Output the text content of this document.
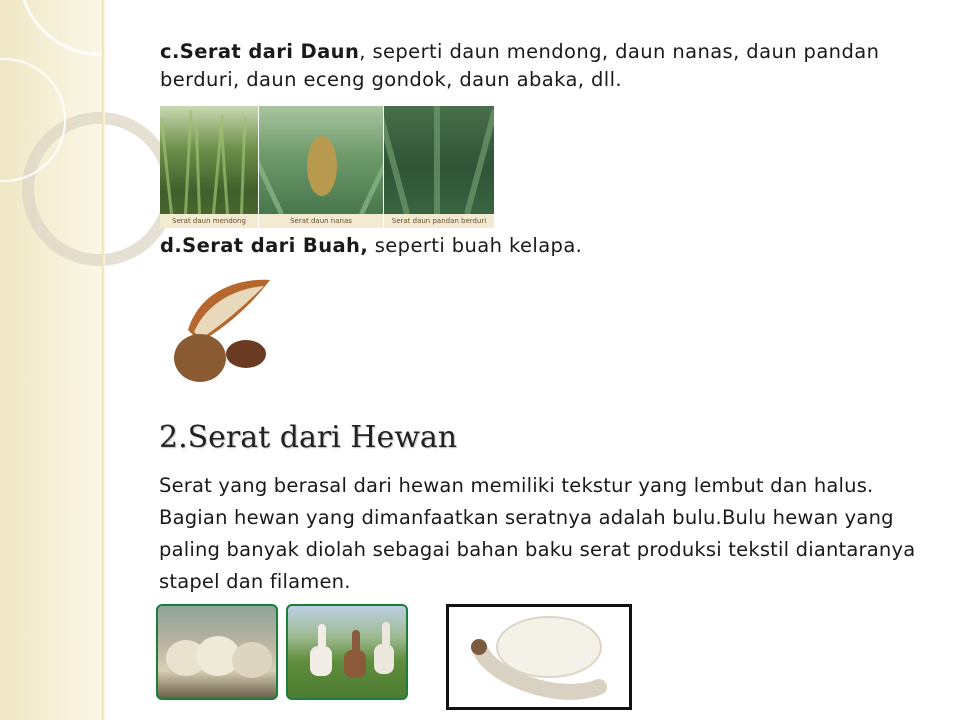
c.Serat dari Daun, seperti daun mendong, daun nanas, daun pandan berduri, daun eceng gondok, daun abaka, dll.
Serat daun mendong	Serat daun nanas	Serat daun pandan berduri
d.Serat dari Buah, seperti buah kelapa.
2.Serat dari Hewan
Serat yang berasal dari hewan memiliki tekstur yang lembut dan halus. Bagian hewan yang dimanfaatkan seratnya adalah bulu.Bulu hewan yang paling banyak diolah sebagai bahan baku serat produksi tekstil diantaranya stapel dan filamen.
